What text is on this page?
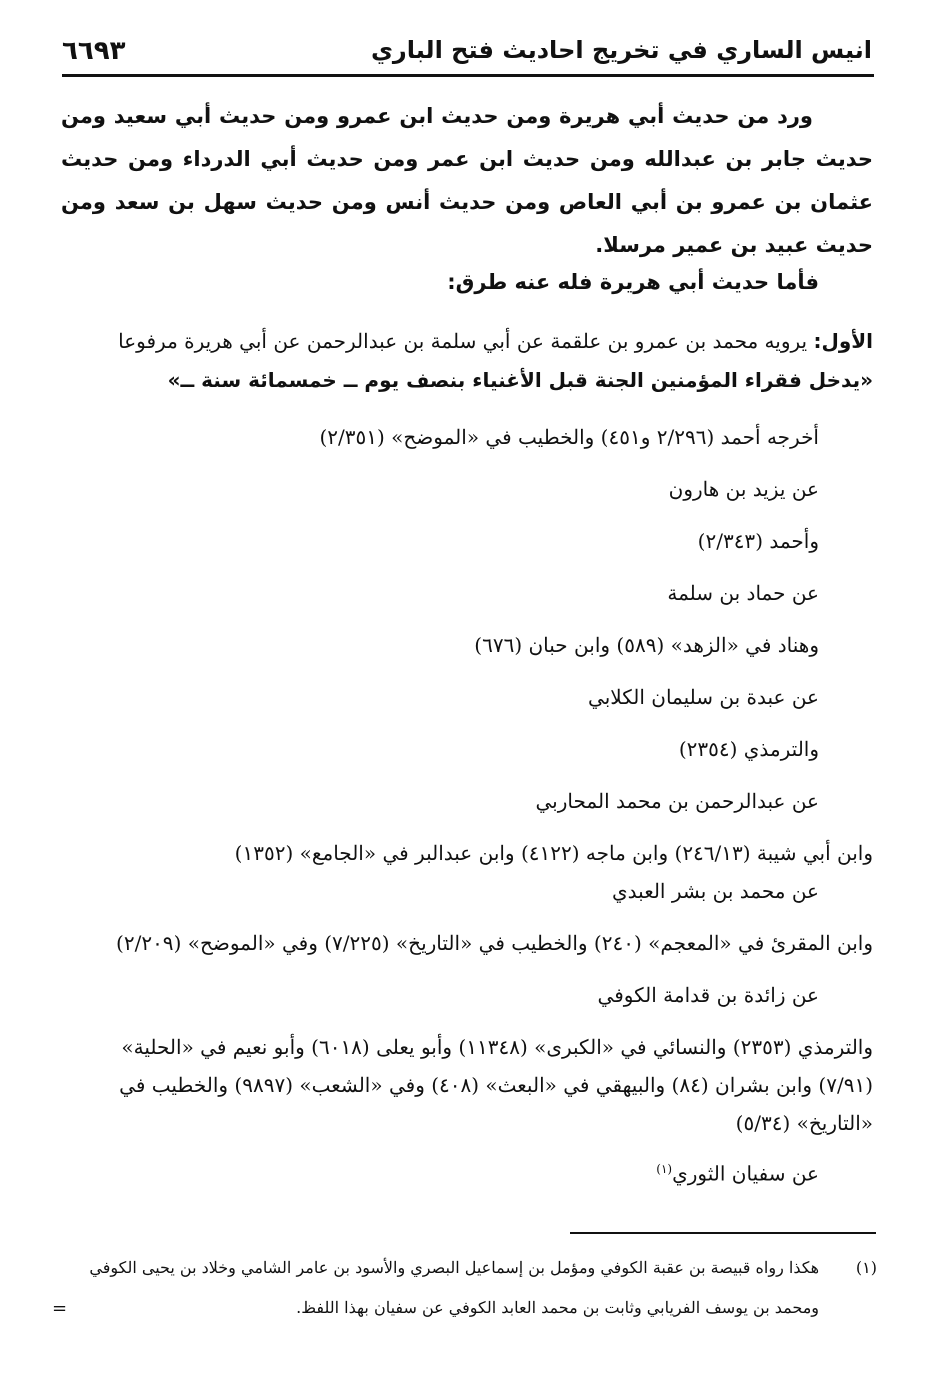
انيس الساري في تخريج احاديث فتح الباري
٦٦٩٣
ورد من حديث أبي هريرة ومن حديث ابن عمرو ومن حديث أبي سعيد ومن حديث جابر بن عبدالله ومن حديث ابن عمر ومن حديث أبي الدرداء ومن حديث عثمان بن عمرو بن أبي العاص ومن حديث أنس ومن حديث سهل بن سعد ومن حديث عبيد بن عمير مرسلا.
فأما حديث أبي هريرة فله عنه طرق:
الأول: يرويه محمد بن عمرو بن علقمة عن أبي سلمة بن عبدالرحمن عن أبي هريرة مرفوعا «يدخل فقراء المؤمنين الجنة قبل الأغنياء بنصف يوم ــ خمسمائة سنة ــ»
أخرجه أحمد (٢/٢٩٦ و٤٥١) والخطيب في «الموضح» (٢/٣٥١)
عن يزيد بن هارون
وأحمد (٢/٣٤٣)
عن حماد بن سلمة
وهناد في «الزهد» (٥٨٩) وابن حبان (٦٧٦)
عن عبدة بن سليمان الكلابي
والترمذي (٢٣٥٤)
عن عبدالرحمن بن محمد المحاربي
وابن أبي شيبة (٢٤٦/١٣) وابن ماجه (٤١٢٢) وابن عبدالبر في «الجامع» (١٣٥٢)
عن محمد بن بشر العبدي
وابن المقرئ في «المعجم» (٢٤٠) والخطيب في «التاريخ» (٧/٢٢٥) وفي «الموضح» (٢/٢٠٩)
عن زائدة بن قدامة الكوفي
والترمذي (٢٣٥٣) والنسائي في «الكبرى» (١١٣٤٨) وأبو يعلى (٦٠١٨) وأبو نعيم في «الحلية» (٧/٩١) وابن بشران (٨٤) والبيهقي في «البعث» (٤٠٨) وفي «الشعب» (٩٨٩٧) والخطيب في «التاريخ» (٥/٣٤)
عن سفيان الثوري$^{(١)}$
(١)
هكذا رواه قبيصة بن عقبة الكوفي ومؤمل بن إسماعيل البصري والأسود بن عامر الشامي وخلاد بن يحيى الكوفي ومحمد بن يوسف الفريابي وثابت بن محمد العابد الكوفي عن سفيان بهذا اللفظ.
=
